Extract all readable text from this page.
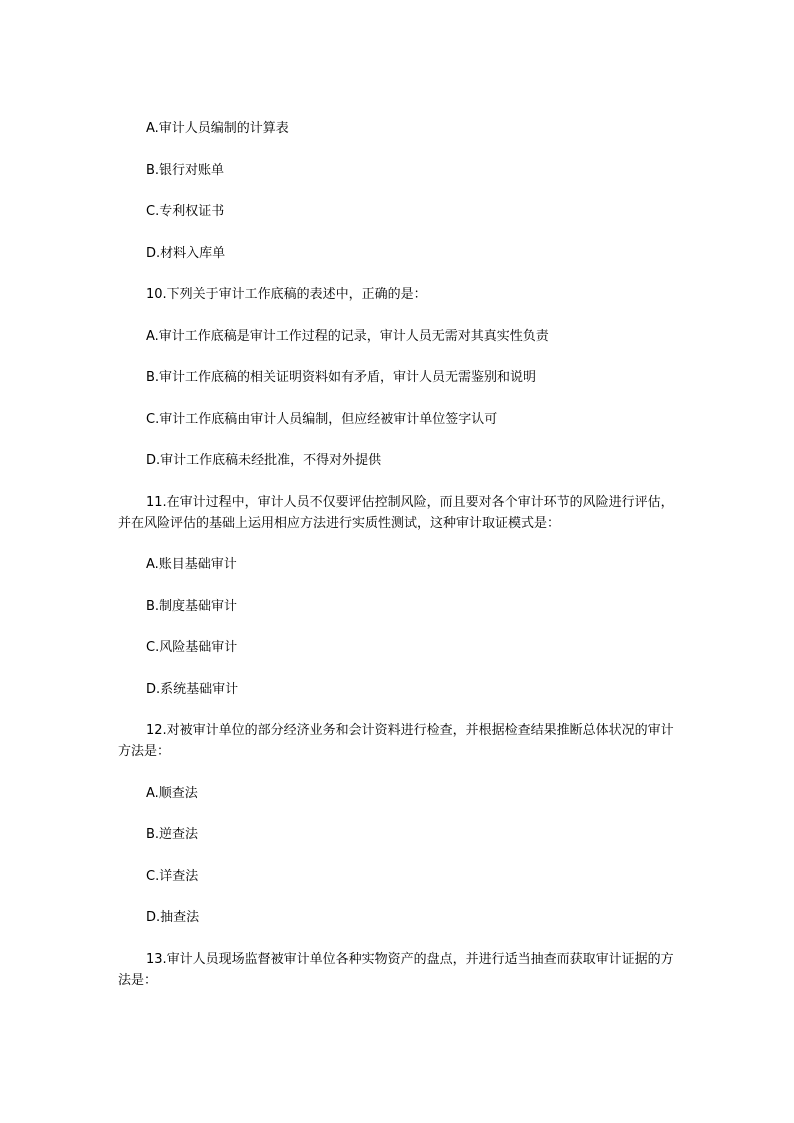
A.审计人员编制的计算表

B.银行对账单

C.专利权证书

D.材料入库单

10.下列关于审计工作底稿的表述中，正确的是：

A.审计工作底稿是审计工作过程的记录，审计人员无需对其真实性负责

B.审计工作底稿的相关证明资料如有矛盾，审计人员无需鉴别和说明

C.审计工作底稿由审计人员编制，但应经被审计单位签字认可

D.审计工作底稿未经批准，不得对外提供

11.在审计过程中，审计人员不仅要评估控制风险，而且要对各个审计环节的风险进行评估，并在风险评估的基础上运用相应方法进行实质性测试，这种审计取证模式是：

A.账目基础审计

B.制度基础审计

C.风险基础审计

D.系统基础审计

12.对被审计单位的部分经济业务和会计资料进行检查，并根据检查结果推断总体状况的审计方法是：

A.顺查法

B.逆查法

C.详查法

D.抽查法

13.审计人员现场监督被审计单位各种实物资产的盘点，并进行适当抽查而获取审计证据的方法是：
